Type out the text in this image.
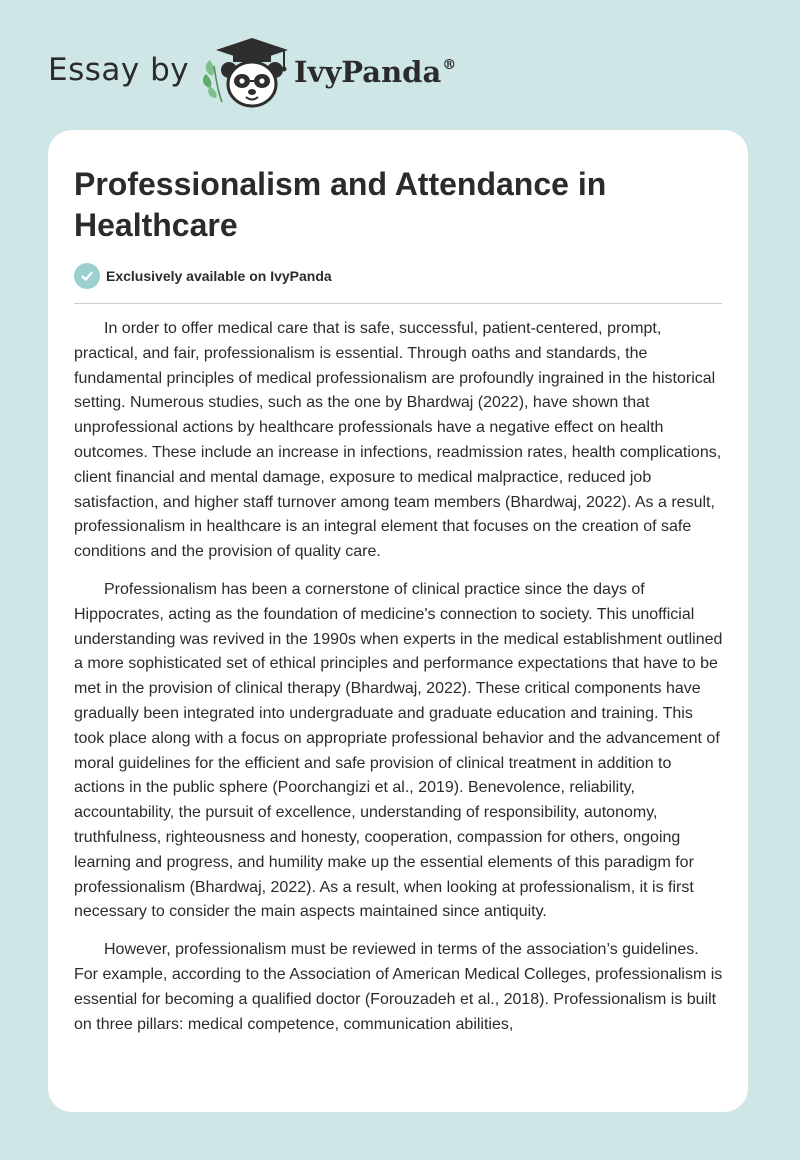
Essay by	IvyPanda®
Professionalism and Attendance in Healthcare
Exclusively available on IvyPanda

In order to offer medical care that is safe, successful, patient-centered, prompt, practical, and fair, professionalism is essential. Through oaths and standards, the fundamental principles of medical professionalism are profoundly ingrained in the historical setting. Numerous studies, such as the one by Bhardwaj (2022), have shown that unprofessional actions by healthcare professionals have a negative effect on health outcomes. These include an increase in infections, readmission rates, health complications, client financial and mental damage, exposure to medical malpractice, reduced job satisfaction, and higher staff turnover among team members (Bhardwaj, 2022). As a result, professionalism in healthcare is an integral element that focuses on the creation of safe conditions and the provision of quality care.

Professionalism has been a cornerstone of clinical practice since the days of Hippocrates, acting as the foundation of medicine's connection to society. This unofficial understanding was revived in the 1990s when experts in the medical establishment outlined a more sophisticated set of ethical principles and performance expectations that have to be met in the provision of clinical therapy (Bhardwaj, 2022). These critical components have gradually been integrated into undergraduate and graduate education and training. This took place along with a focus on appropriate professional behavior and the advancement of moral guidelines for the efficient and safe provision of clinical treatment in addition to actions in the public sphere (Poorchangizi et al., 2019). Benevolence, reliability, accountability, the pursuit of excellence, understanding of responsibility, autonomy, truthfulness, righteousness and honesty, cooperation, compassion for others, ongoing learning and progress, and humility make up the essential elements of this paradigm for professionalism (Bhardwaj, 2022). As a result, when looking at professionalism, it is first necessary to consider the main aspects maintained since antiquity.

However, professionalism must be reviewed in terms of the association’s guidelines. For example, according to the Association of American Medical Colleges, professionalism is essential for becoming a qualified doctor (Forouzadeh et al., 2018). Professionalism is built on three pillars: medical competence, communication abilities,
